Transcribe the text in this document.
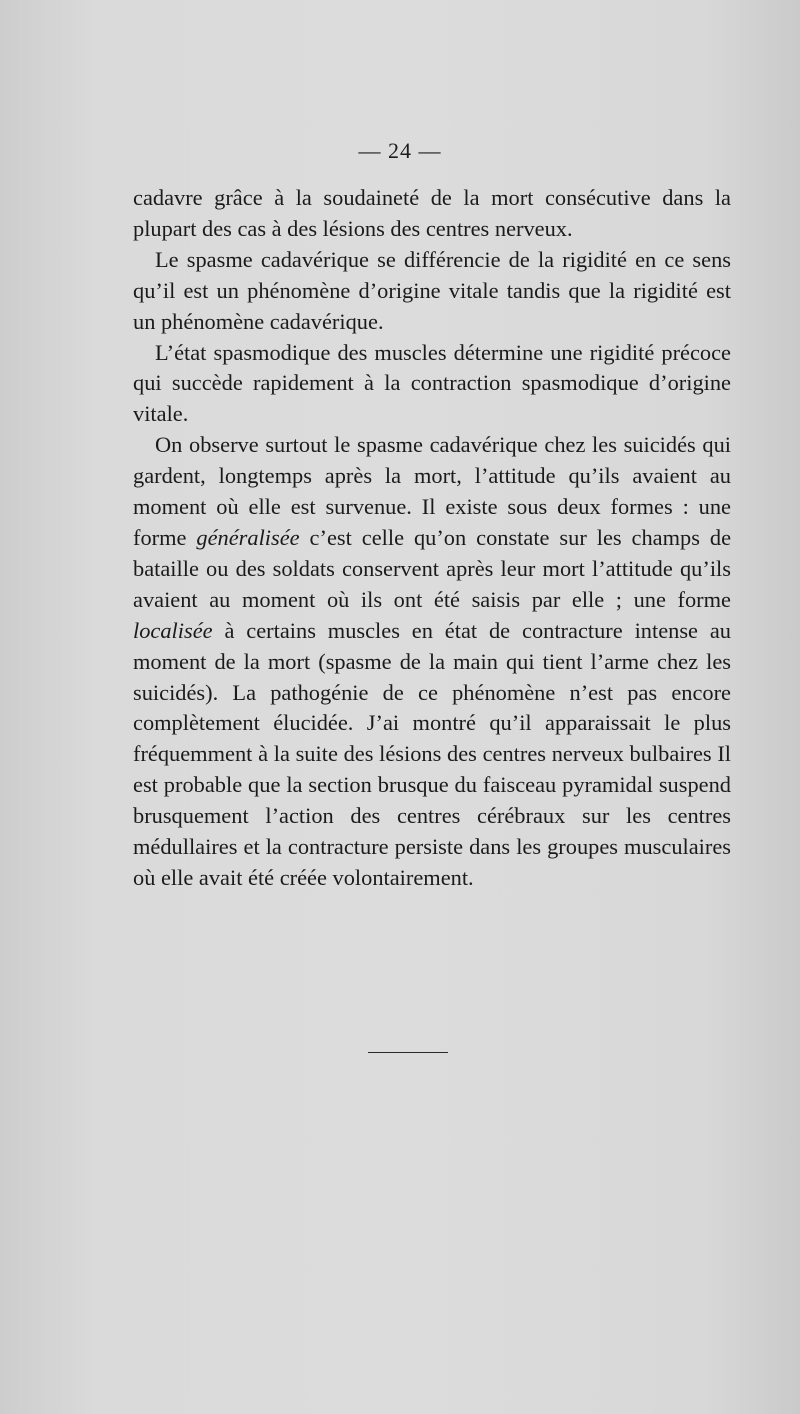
— 24 —

cadavre grâce à la soudaineté de la mort consécutive dans la plupart des cas à des lésions des centres nerveux.

Le spasme cadavérique se différencie de la rigidité en ce sens qu’il est un phénomène d’origine vitale tandis que la rigidité est un phénomène cadavérique.

L’état spasmodique des muscles détermine une rigidité précoce qui succède rapidement à la contraction spasmodique d’origine vitale.

On observe surtout le spasme cadavérique chez les suicidés qui gardent, longtemps après la mort, l’attitude qu’ils avaient au moment où elle est survenue. Il existe sous deux formes : une forme généralisée c’est celle qu’on constate sur les champs de bataille ou des soldats conservent après leur mort l’attitude qu’ils avaient au moment où ils ont été saisis par elle ; une forme localisée à certains muscles en état de contracture intense au moment de la mort (spasme de la main qui tient l’arme chez les suicidés). La pathogénie de ce phénomène n’est pas encore complètement élucidée. J’ai montré qu’il apparaissait le plus fréquemment à la suite des lésions des centres nerveux bulbaires Il est probable que la section brusque du faisceau pyramidal suspend brusquement l’action des centres cérébraux sur les centres médullaires et la contracture persiste dans les groupes musculaires où elle avait été créée volontairement.
